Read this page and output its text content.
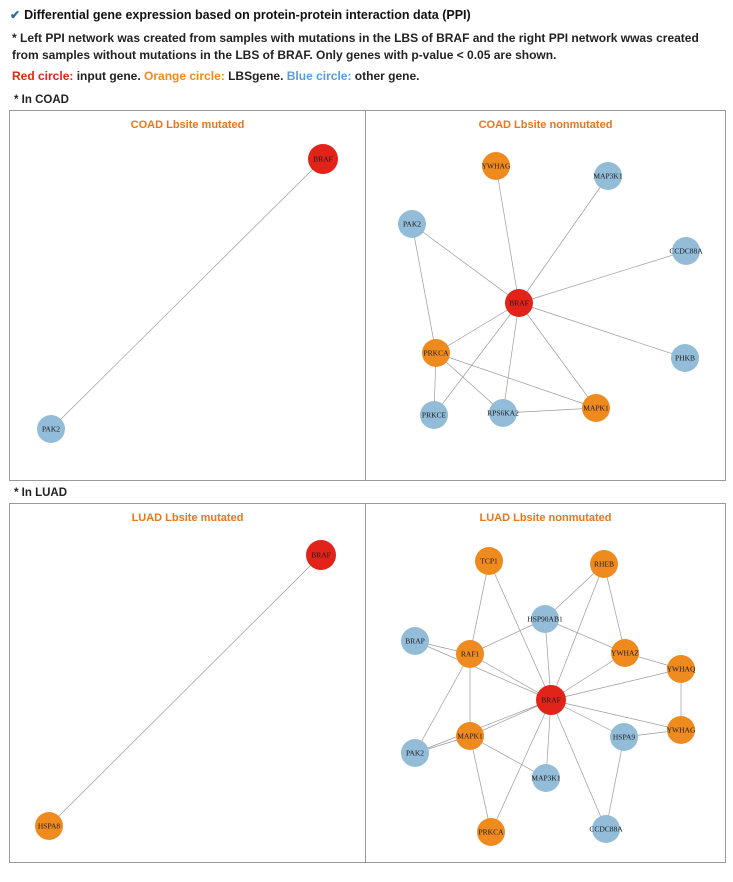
✔ Differential gene expression based on protein-protein interaction data (PPI)
* Left PPI network was created from samples with mutations in the LBS of BRAF and the right PPI network wwas created from samples without mutations in the LBS of BRAF. Only genes with p-value < 0.05 are shown.
Red circle: input gene. Orange circle: LBSgene. Blue circle: other gene.
* In COAD
COAD Lbsite mutated
BRAF
PAK2
COAD Lbsite nonmutated
BRAF
YWHAG
MAP3K1
PAK2
CCDC88A
PHKB
PRKCA
PRKCE	RPS6KA2
MAPK1
* In LUAD
LUAD Lbsite mutated
BRAF
HSPA8
LUAD Lbsite nonmutated
BRAF
TCP1	RHEB
HSP90AB1
BRAP
RAF1	YWHAZ
YWHAQ
YWHAG
HSPA9
MAPK1
PAK2
MAP3K1
PRKCA	CCDC88A
